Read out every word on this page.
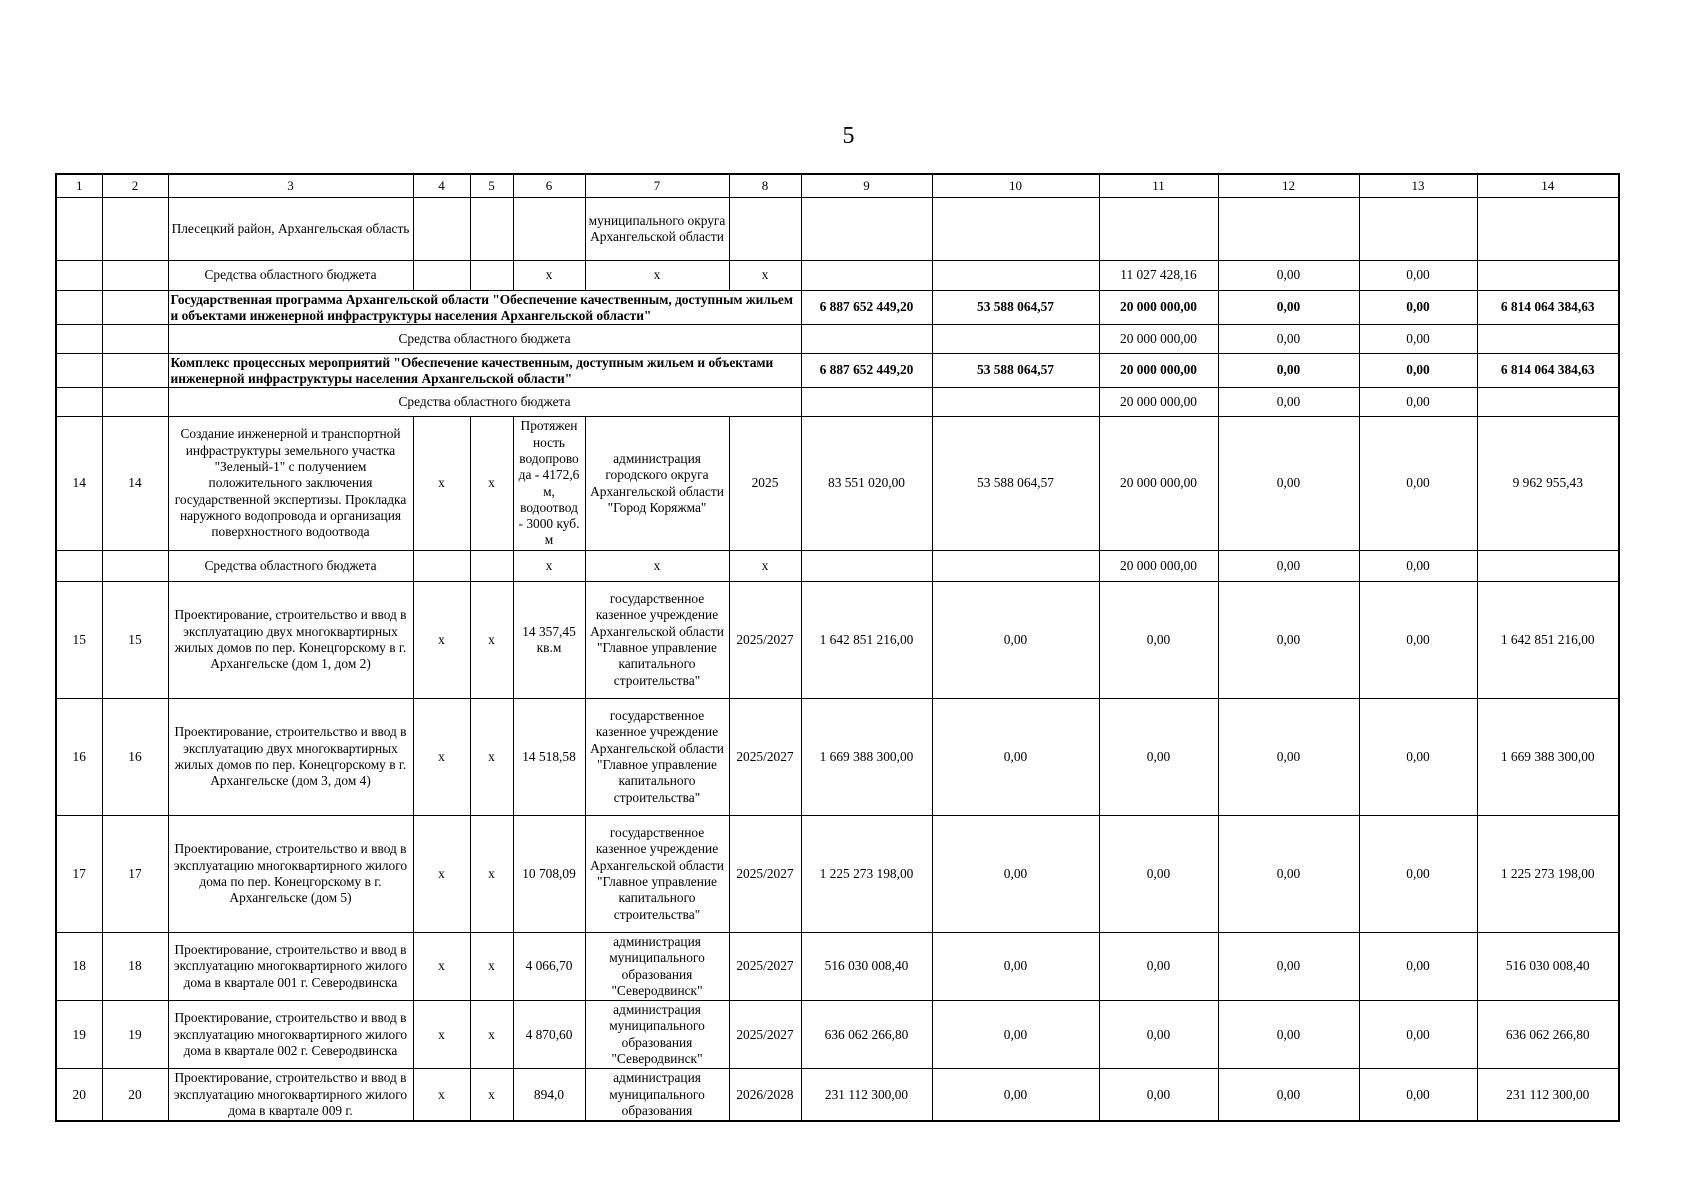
5
1	2	3	4	5	6	7	8	9	10	11	12	13	14
		Плесецкий район, Архангельская область				муниципального округа Архангельской области							
		Средства областного бюджета			х	х	х			11 027 428,16	0,00	0,00	
		Государственная программа Архангельской области "Обеспечение качественным, доступным жильем и объектами инженерной инфраструктуры населения Архангельской области"						6 887 652 449,20	53 588 064,57	20 000 000,00	0,00	0,00	6 814 064 384,63
		Средства областного бюджета								20 000 000,00	0,00	0,00	
		Комплекс процессных мероприятий "Обеспечение качественным, доступным жильем и объектами инженерной инфраструктуры населения Архангельской области"						6 887 652 449,20	53 588 064,57	20 000 000,00	0,00	0,00	6 814 064 384,63
		Средства областного бюджета								20 000 000,00	0,00	0,00	
14	14	Создание инженерной и транспортной инфраструктуры земельного участка "Зеленый-1" с получением положительного заключения государственной экспертизы. Прокладка наружного водопровода и организация поверхностного водоотвода	х	х	Протяжен ность водопрово да - 4172,6 м, водоотвод - 3000 куб. м	администрация городского округа Архангельской области "Город Коряжма"	2025	83 551 020,00	53 588 064,57	20 000 000,00	0,00	0,00	9 962 955,43
		Средства областного бюджета			х	х	х			20 000 000,00	0,00	0,00	
15	15	Проектирование, строительство и ввод в эксплуатацию двух многоквартирных жилых домов по пер. Конецгорскому в г. Архангельске (дом 1, дом 2)	х	х	14 357,45 кв.м	государственное казенное учреждение Архангельской области "Главное управление капитального строительства"	2025/2027	1 642 851 216,00	0,00	0,00	0,00	0,00	1 642 851 216,00
16	16	Проектирование, строительство и ввод в эксплуатацию двух многоквартирных жилых домов по пер. Конецгорскому в г. Архангельске (дом 3, дом 4)	х	х	14 518,58	государственное казенное учреждение Архангельской области "Главное управление капитального строительства"	2025/2027	1 669 388 300,00	0,00	0,00	0,00	0,00	1 669 388 300,00
17	17	Проектирование, строительство и ввод в эксплуатацию многоквартирного жилого дома по пер. Конецгорскому в г. Архангельске (дом 5)	х	х	10 708,09	государственное казенное учреждение Архангельской области "Главное управление капитального строительства"	2025/2027	1 225 273 198,00	0,00	0,00	0,00	0,00	1 225 273 198,00
18	18	Проектирование, строительство и ввод в эксплуатацию многоквартирного жилого дома в квартале 001 г. Северодвинска	х	х	4 066,70	администрация муниципального образования "Северодвинск"	2025/2027	516 030 008,40	0,00	0,00	0,00	0,00	516 030 008,40
19	19	Проектирование, строительство и ввод в эксплуатацию многоквартирного жилого дома в квартале 002 г. Северодвинска	х	х	4 870,60	администрация муниципального образования "Северодвинск"	2025/2027	636 062 266,80	0,00	0,00	0,00	0,00	636 062 266,80
20	20	Проектирование, строительство и ввод в эксплуатацию многоквартирного жилого дома в квартале 009 г.	х	х	894,0	администрация муниципального образования	2026/2028	231 112 300,00	0,00	0,00	0,00	0,00	231 112 300,00
